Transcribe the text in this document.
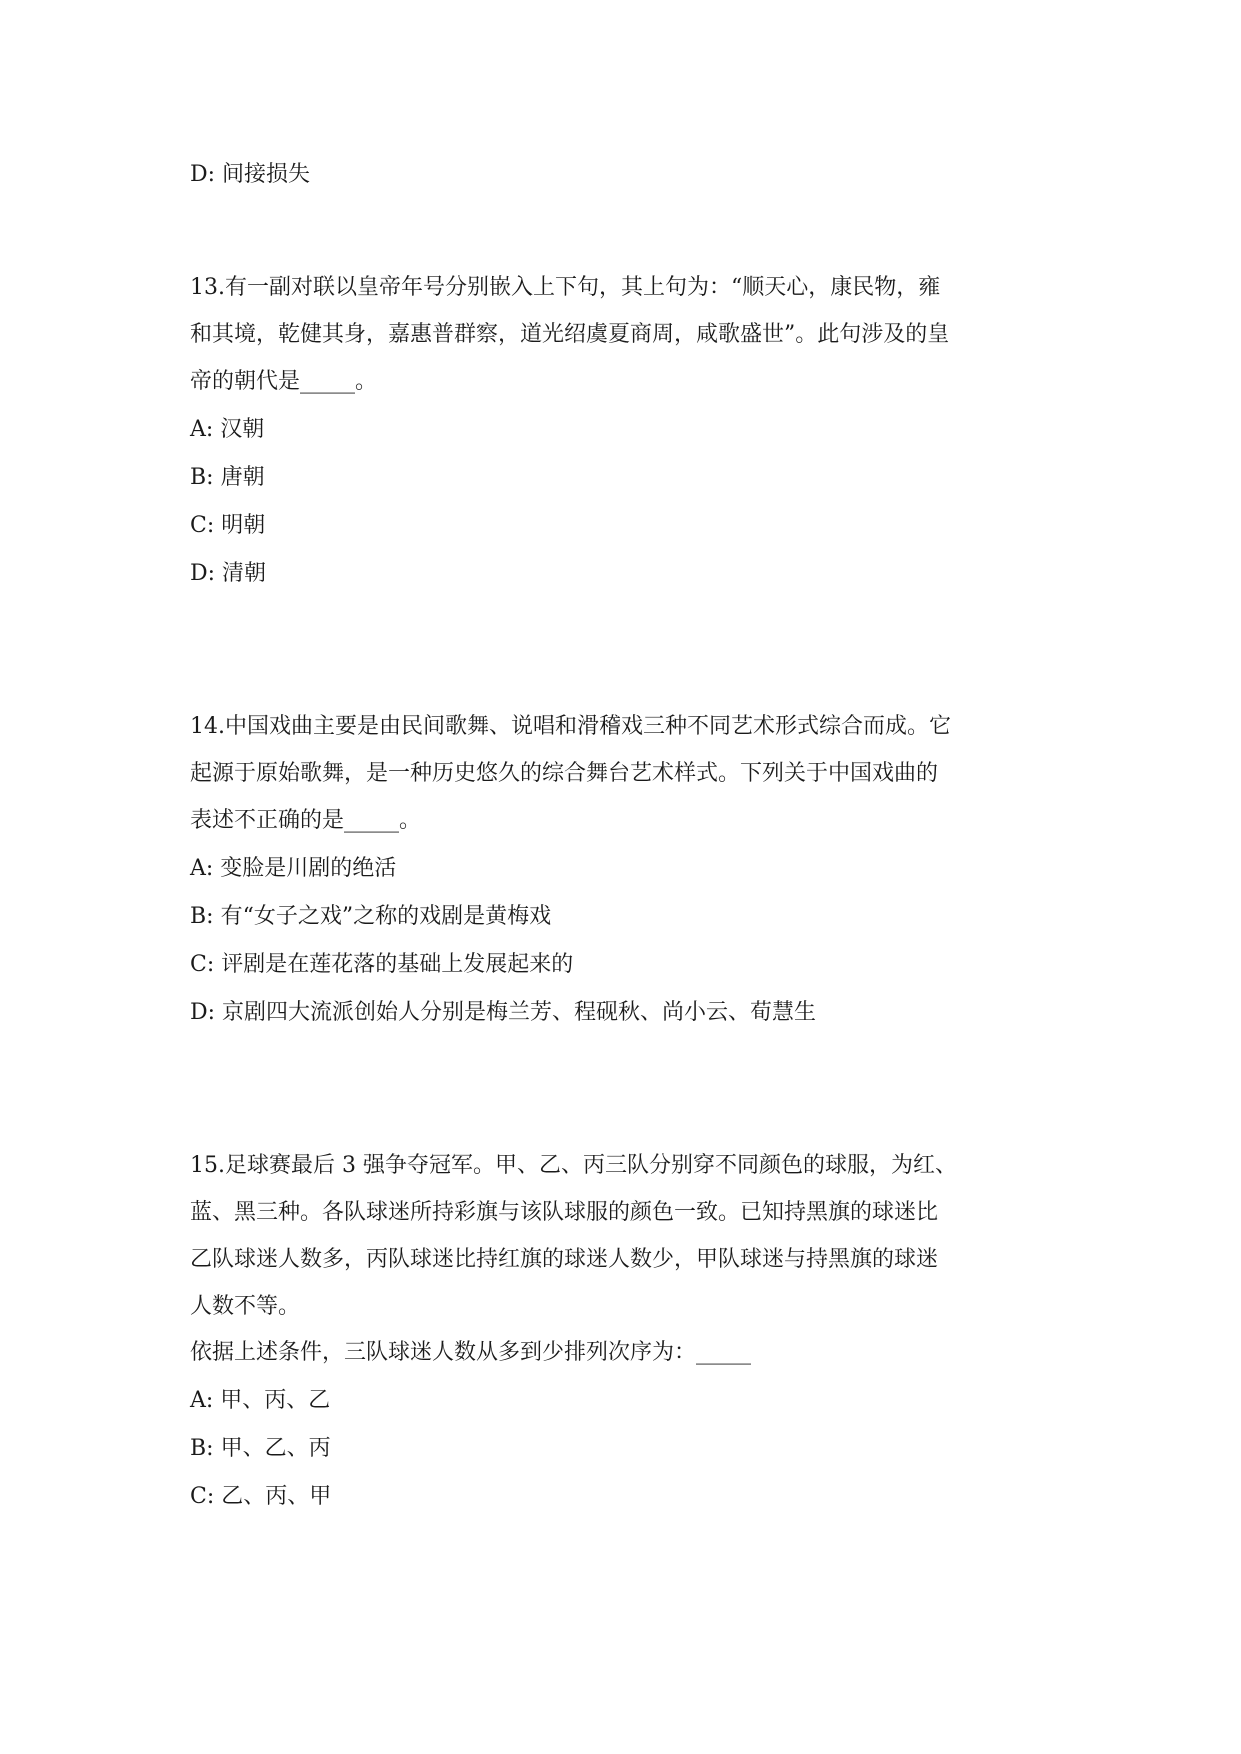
D: 间接损失
13.有一副对联以皇帝年号分别嵌入上下句，其上句为：“顺天心，康民物，雍
和其境，乾健其身，嘉惠普群察，道光绍虞夏商周，咸歌盛世”。此句涉及的皇
帝的朝代是_____。
A: 汉朝
B: 唐朝
C: 明朝
D: 清朝
14.中国戏曲主要是由民间歌舞、说唱和滑稽戏三种不同艺术形式综合而成。它
起源于原始歌舞，是一种历史悠久的综合舞台艺术样式。下列关于中国戏曲的
表述不正确的是_____。
A: 变脸是川剧的绝活
B: 有“女子之戏”之称的戏剧是黄梅戏
C: 评剧是在莲花落的基础上发展起来的
D: 京剧四大流派创始人分别是梅兰芳、程砚秋、尚小云、荀慧生
15.足球赛最后 3 强争夺冠军。甲、乙、丙三队分别穿不同颜色的球服，为红、
蓝、黑三种。各队球迷所持彩旗与该队球服的颜色一致。已知持黑旗的球迷比
乙队球迷人数多，丙队球迷比持红旗的球迷人数少，甲队球迷与持黑旗的球迷
人数不等。
依据上述条件，三队球迷人数从多到少排列次序为：_____
A: 甲、丙、乙
B: 甲、乙、丙
C: 乙、丙、甲
